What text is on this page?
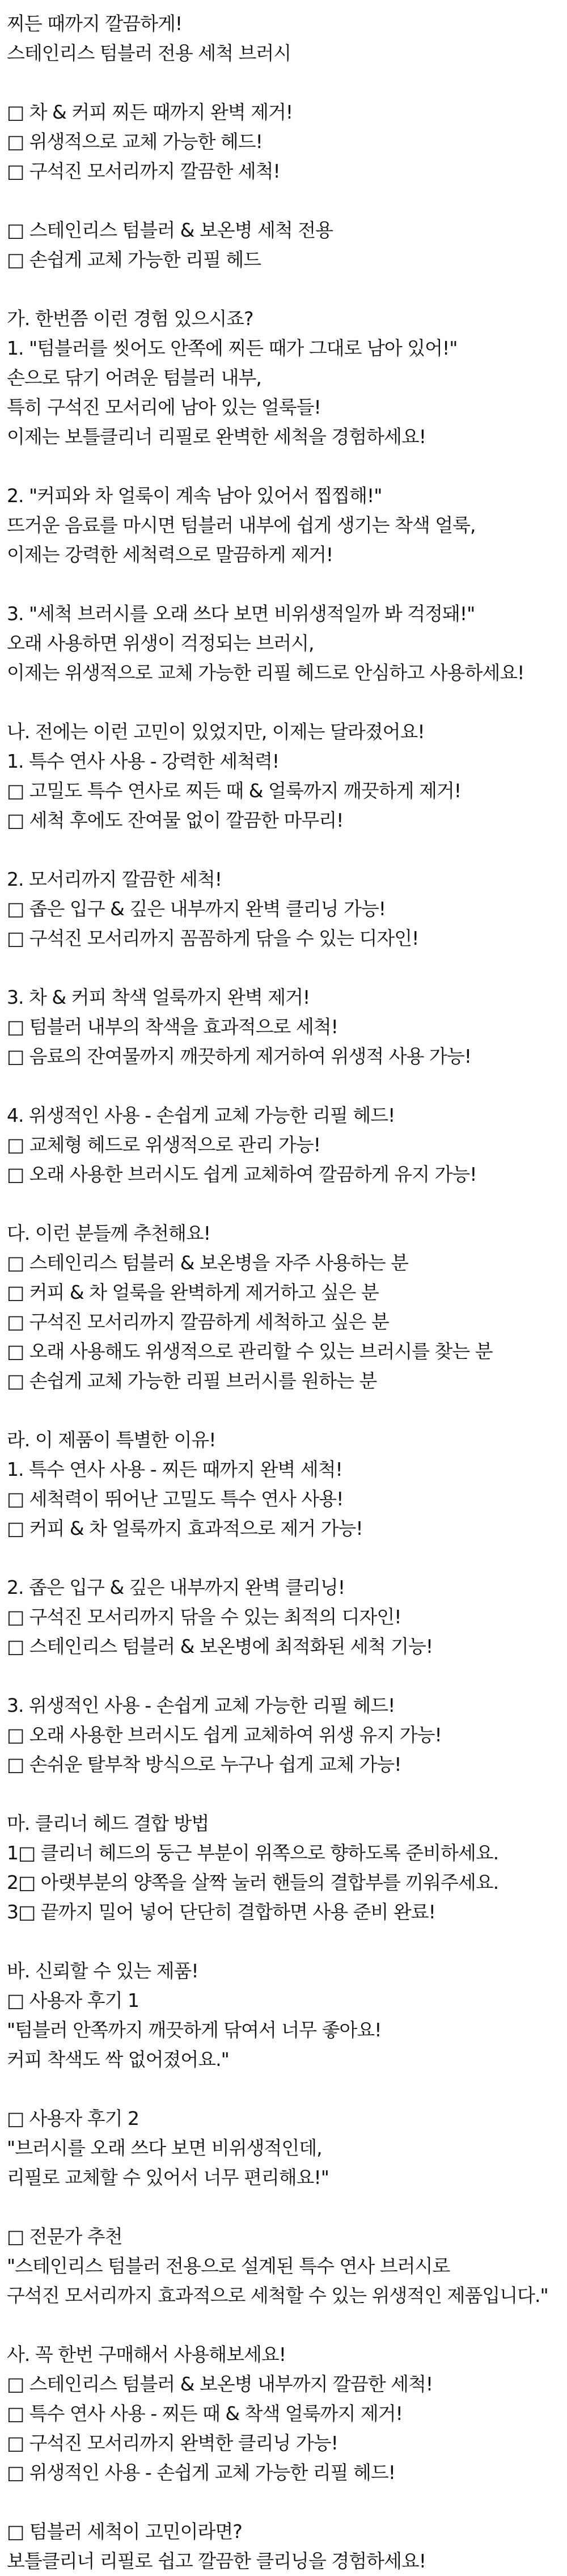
찌든 때까지 깔끔하게!
스테인리스 텀블러 전용 세척 브러시
□ 차 & 커피 찌든 때까지 완벽 제거!
□ 위생적으로 교체 가능한 헤드!
□ 구석진 모서리까지 깔끔한 세척!
□ 스테인리스 텀블러 & 보온병 세척 전용
□ 손쉽게 교체 가능한 리필 헤드
가. 한번쯤 이런 경험 있으시죠?
1. "텀블러를 씻어도 안쪽에 찌든 때가 그대로 남아 있어!"
손으로 닦기 어려운 텀블러 내부,
특히 구석진 모서리에 남아 있는 얼룩들!
이제는 보틀클리너 리필로 완벽한 세척을 경험하세요!
2. "커피와 차 얼룩이 계속 남아 있어서 찝찝해!"
뜨거운 음료를 마시면 텀블러 내부에 쉽게 생기는 착색 얼룩,
이제는 강력한 세척력으로 말끔하게 제거!
3. "세척 브러시를 오래 쓰다 보면 비위생적일까 봐 걱정돼!"
오래 사용하면 위생이 걱정되는 브러시,
이제는 위생적으로 교체 가능한 리필 헤드로 안심하고 사용하세요!
나. 전에는 이런 고민이 있었지만, 이제는 달라졌어요!
1. 특수 연사 사용 - 강력한 세척력!
□ 고밀도 특수 연사로 찌든 때 & 얼룩까지 깨끗하게 제거!
□ 세척 후에도 잔여물 없이 깔끔한 마무리!
2. 모서리까지 깔끔한 세척!
□ 좁은 입구 & 깊은 내부까지 완벽 클리닝 가능!
□ 구석진 모서리까지 꼼꼼하게 닦을 수 있는 디자인!
3. 차 & 커피 착색 얼룩까지 완벽 제거!
□ 텀블러 내부의 착색을 효과적으로 세척!
□ 음료의 잔여물까지 깨끗하게 제거하여 위생적 사용 가능!
4. 위생적인 사용 - 손쉽게 교체 가능한 리필 헤드!
□ 교체형 헤드로 위생적으로 관리 가능!
□ 오래 사용한 브러시도 쉽게 교체하여 깔끔하게 유지 가능!
다. 이런 분들께 추천해요!
□ 스테인리스 텀블러 & 보온병을 자주 사용하는 분
□ 커피 & 차 얼룩을 완벽하게 제거하고 싶은 분
□ 구석진 모서리까지 깔끔하게 세척하고 싶은 분
□ 오래 사용해도 위생적으로 관리할 수 있는 브러시를 찾는 분
□ 손쉽게 교체 가능한 리필 브러시를 원하는 분
라. 이 제품이 특별한 이유!
1. 특수 연사 사용 - 찌든 때까지 완벽 세척!
□ 세척력이 뛰어난 고밀도 특수 연사 사용!
□ 커피 & 차 얼룩까지 효과적으로 제거 가능!
2. 좁은 입구 & 깊은 내부까지 완벽 클리닝!
□ 구석진 모서리까지 닦을 수 있는 최적의 디자인!
□ 스테인리스 텀블러 & 보온병에 최적화된 세척 기능!
3. 위생적인 사용 - 손쉽게 교체 가능한 리필 헤드!
□ 오래 사용한 브러시도 쉽게 교체하여 위생 유지 가능!
□ 손쉬운 탈부착 방식으로 누구나 쉽게 교체 가능!
마. 클리너 헤드 결합 방법
1□ 클리너 헤드의 둥근 부분이 위쪽으로 향하도록 준비하세요.
2□ 아랫부분의 양쪽을 살짝 눌러 핸들의 결합부를 끼워주세요.
3□ 끝까지 밀어 넣어 단단히 결합하면 사용 준비 완료!
바. 신뢰할 수 있는 제품!
□ 사용자 후기 1
"텀블러 안쪽까지 깨끗하게 닦여서 너무 좋아요!
커피 착색도 싹 없어졌어요."
□ 사용자 후기 2
"브러시를 오래 쓰다 보면 비위생적인데,
리필로 교체할 수 있어서 너무 편리해요!"
□ 전문가 추천
"스테인리스 텀블러 전용으로 설계된 특수 연사 브러시로
구석진 모서리까지 효과적으로 세척할 수 있는 위생적인 제품입니다."
사. 꼭 한번 구매해서 사용해보세요!
□ 스테인리스 텀블러 & 보온병 내부까지 깔끔한 세척!
□ 특수 연사 사용 - 찌든 때 & 착색 얼룩까지 제거!
□ 구석진 모서리까지 완벽한 클리닝 가능!
□ 위생적인 사용 - 손쉽게 교체 가능한 리필 헤드!
□ 텀블러 세척이 고민이라면?
보틀클리너 리필로 쉽고 깔끔한 클리닝을 경험하세요!
